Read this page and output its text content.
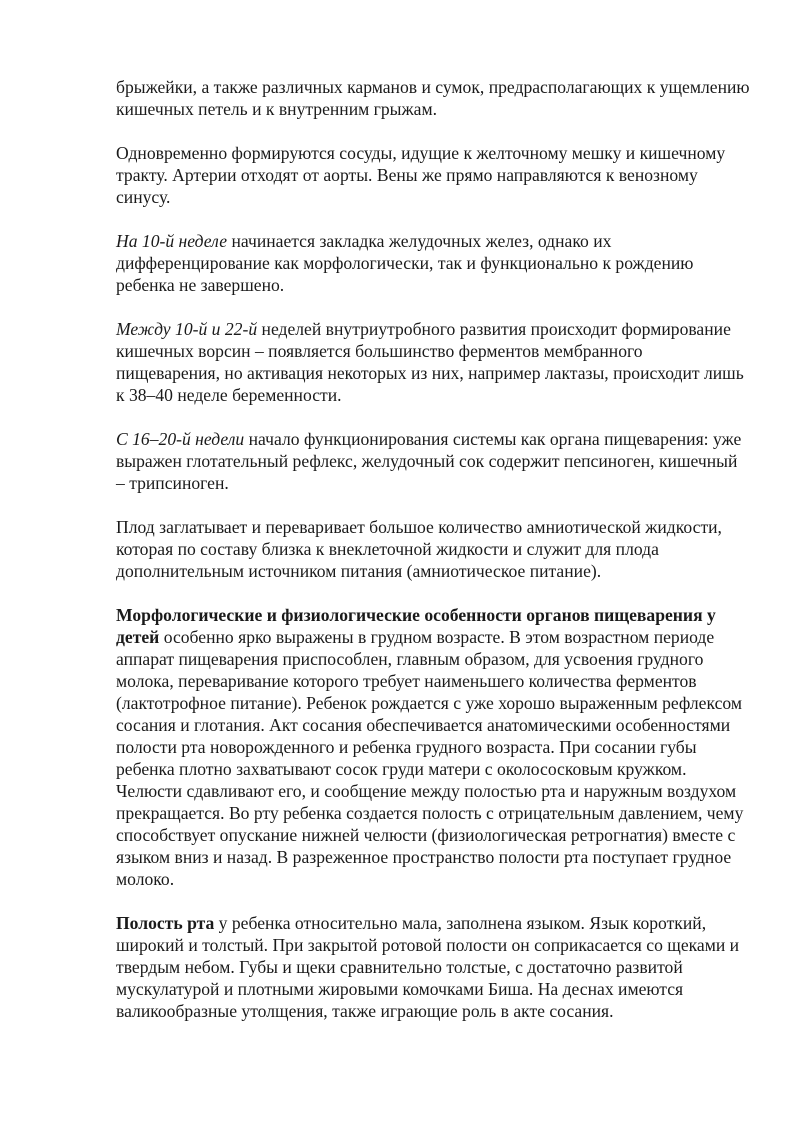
брыжейки, а также различных карманов и сумок, предрасполагающих к ущемлению кишечных петель и к внутренним грыжам.

Одновременно формируются сосуды, идущие к желточному мешку и кишечному тракту. Артерии отходят от аорты. Вены же прямо направляются к венозному синусу.

На 10-й неделе начинается закладка желудочных желез, однако их дифференцирование как морфологически, так и функционально к рождению ребенка не завершено.

Между 10-й и 22-й неделей внутриутробного развития происходит формирование кишечных ворсин – появляется большинство ферментов мембранного пищеварения, но активация некоторых из них, например лактазы, происходит лишь к 38–40 неделе беременности.

С 16–20-й недели начало функционирования системы как органа пищеварения: уже выражен глотательный рефлекс, желудочный сок содержит пепсиноген, кишечный – трипсиноген.

Плод заглатывает и переваривает большое количество амниотической жидкости, которая по составу близка к внеклеточной жидкости и служит для плода дополнительным источником питания (амниотическое питание).

Морфологические и физиологические особенности органов пищеварения у детей особенно ярко выражены в грудном возрасте. В этом возрастном периоде аппарат пищеварения приспособлен, главным образом, для усвоения грудного молока, переваривание которого требует наименьшего количества ферментов (лактотрофное питание). Ребенок рождается с уже хорошо выраженным рефлексом сосания и глотания. Акт сосания обеспечивается анатомическими особенностями полости рта новорожденного и ребенка грудного возраста. При сосании губы ребенка плотно захватывают сосок груди матери с околососковым кружком. Челюсти сдавливают его, и сообщение между полостью рта и наружным воздухом прекращается. Во рту ребенка создается полость с отрицательным давлением, чему способствует опускание нижней челюсти (физиологическая ретрогнатия) вместе с языком вниз и назад. В разреженное пространство полости рта поступает грудное молоко.

Полость рта у ребенка относительно мала, заполнена языком. Язык короткий, широкий и толстый. При закрытой ротовой полости он соприкасается со щеками и твердым небом. Губы и щеки сравнительно толстые, с достаточно развитой мускулатурой и плотными жировыми комочками Биша. На деснах имеются валикообразные утолщения, также играющие роль в акте сосания.
